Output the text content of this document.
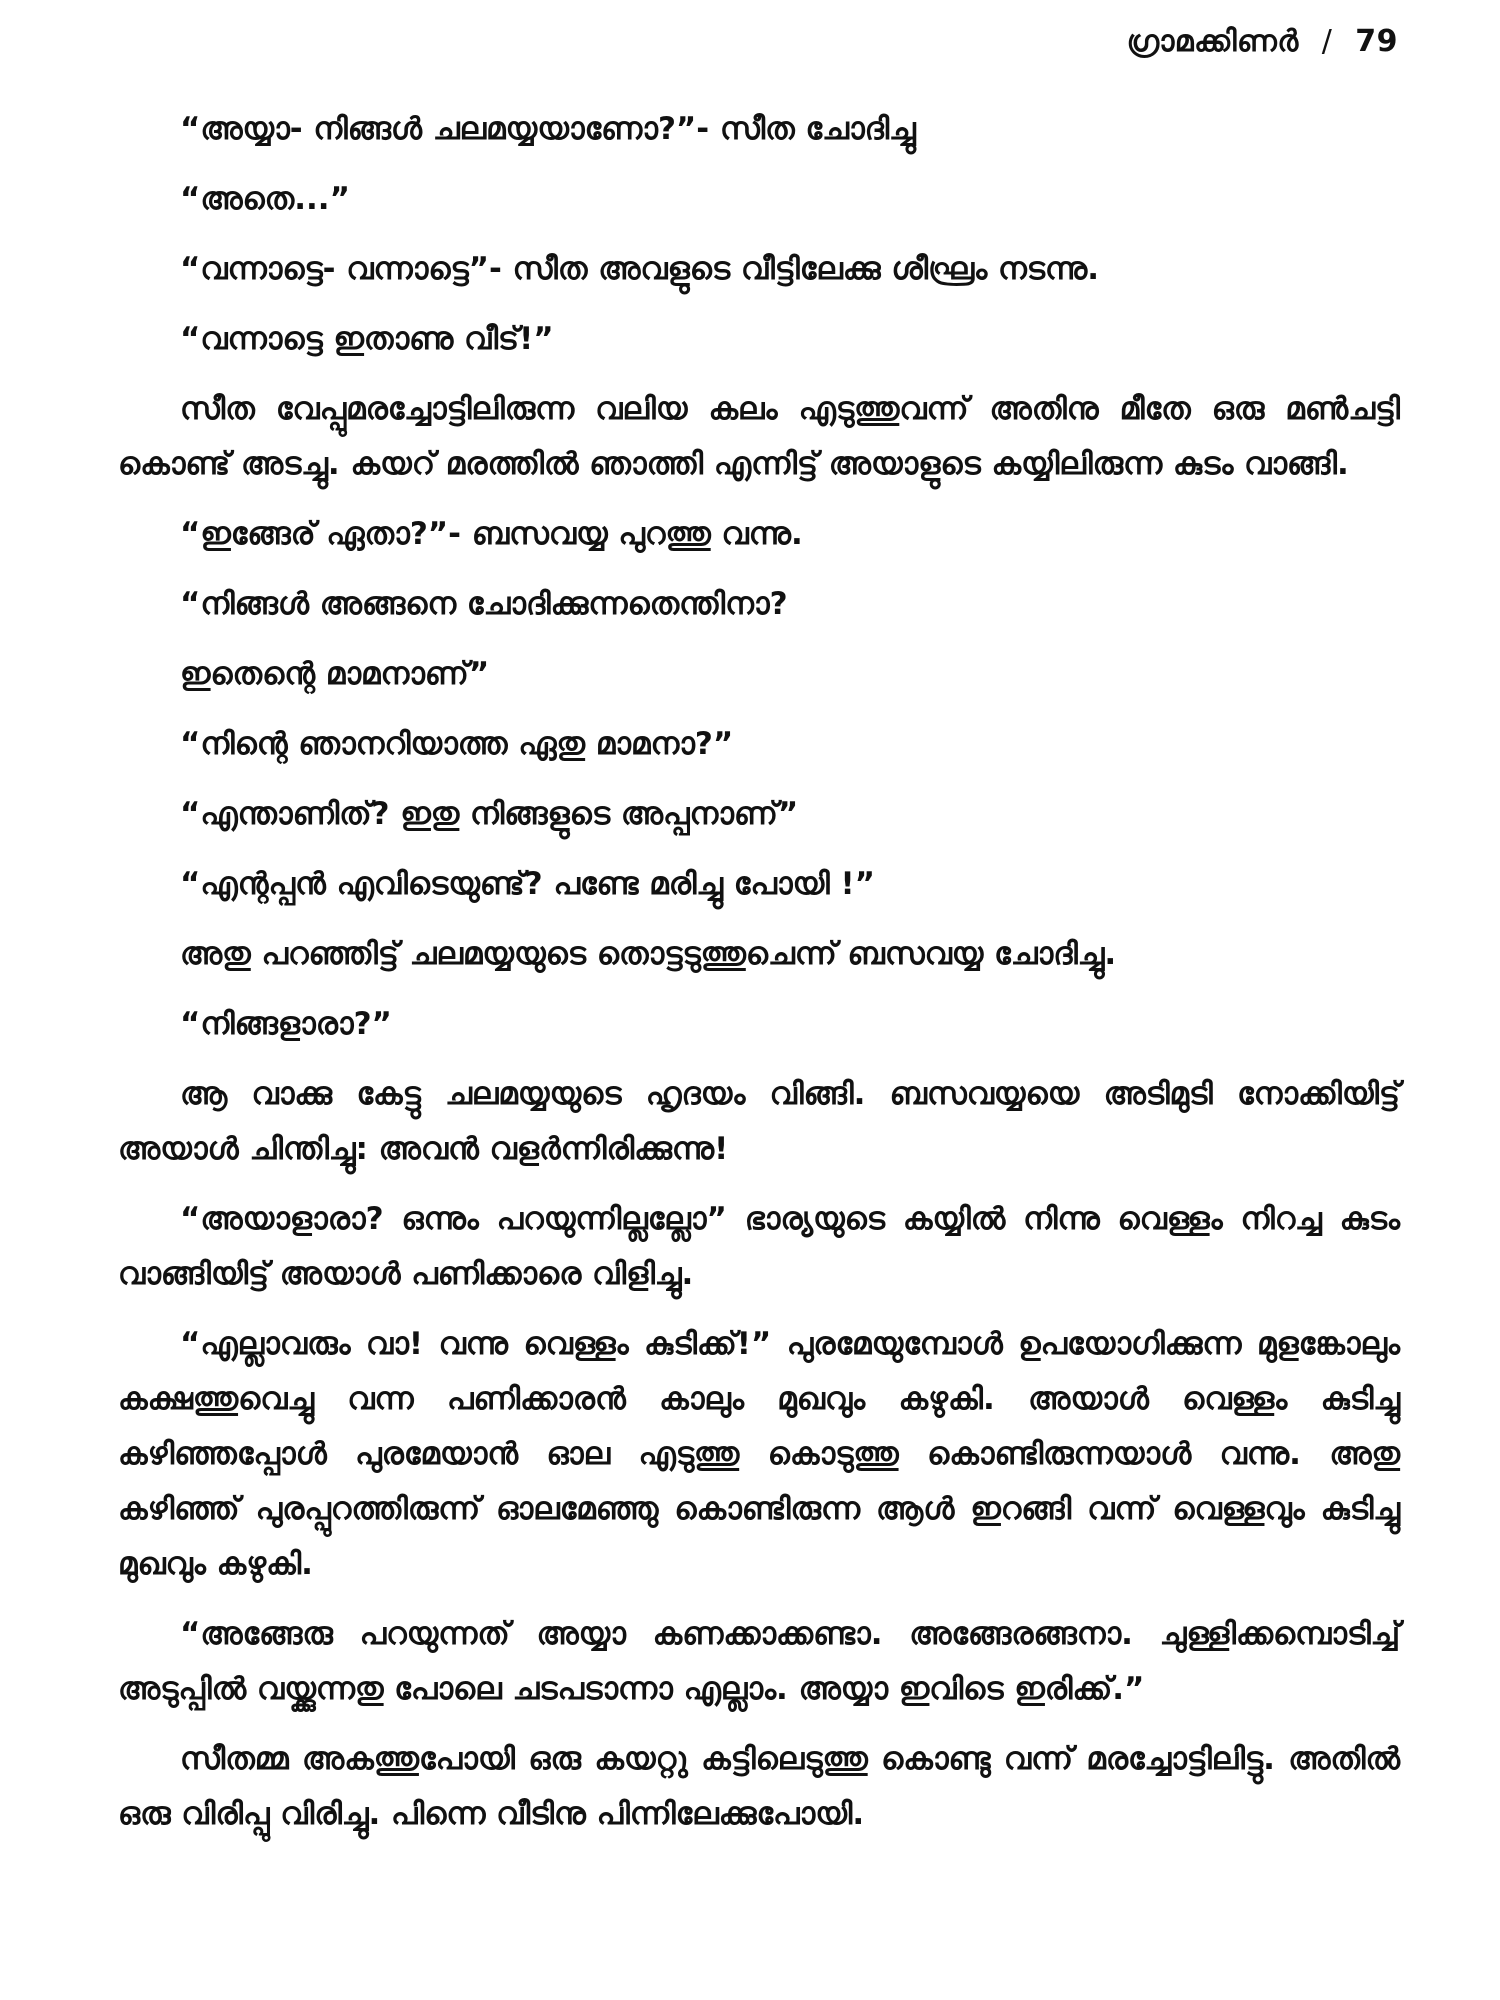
ഗ്രാമക്കിണർ / 79

“അയ്യാ- നിങ്ങൾ ചലമയ്യയാണോ?”- സീത ചോദിച്ചു

“അതെ...”

“വന്നാട്ടെ- വന്നാട്ടെ”- സീത അവളുടെ വീട്ടിലേക്കു ശീഘ്രം നടന്നു.

“വന്നാട്ടെ ഇതാണു വീട്!”

സീത വേപ്പുമരച്ചോട്ടിലിരുന്ന വലിയ കലം എടുത്തുവന്ന് അതിനു മീതേ ഒരു മൺചട്ടി കൊണ്ട് അടച്ചു. കയറ് മരത്തിൽ ഞാത്തി എന്നിട്ട് അയാളുടെ കയ്യിലിരുന്ന കുടം വാങ്ങി.

“ഇങ്ങേര് ഏതാ?”- ബസവയ്യ പുറത്തു വന്നു.

“നിങ്ങൾ അങ്ങനെ ചോദിക്കുന്നതെന്തിനാ?

ഇതെന്റെ മാമനാണ്”

“നിന്റെ ഞാനറിയാത്ത ഏതു മാമനാ?”

“എന്താണിത്? ഇതു നിങ്ങളുടെ അപ്പനാണ്”

“എന്റപ്പൻ എവിടെയുണ്ട്? പണ്ടേ മരിച്ചു പോയി !”

അതു പറഞ്ഞിട്ട് ചലമയ്യയുടെ തൊട്ടടുത്തുചെന്ന് ബസവയ്യ ചോദിച്ചു.

“നിങ്ങളാരാ?”

ആ വാക്കു കേട്ടു ചലമയ്യയുടെ ഹൃദയം വിങ്ങി. ബസവയ്യയെ അടിമുടി നോക്കിയിട്ട് അയാൾ ചിന്തിച്ചു: അവൻ വളർന്നിരിക്കുന്നു!

“അയാളാരാ? ഒന്നും പറയുന്നില്ലല്ലോ” ഭാര്യയുടെ കയ്യിൽ നിന്നു വെള്ളം നിറച്ച കുടം വാങ്ങിയിട്ട് അയാൾ പണിക്കാരെ വിളിച്ചു.

“എല്ലാവരും വാ! വന്നു വെള്ളം കുടിക്ക്!” പുരമേയുമ്പോൾ ഉപയോഗിക്കുന്ന മുളങ്കോലും കക്ഷത്തുവെച്ചു വന്ന പണിക്കാരൻ കാലും മുഖവും കഴുകി. അയാൾ വെള്ളം കുടിച്ചു കഴിഞ്ഞപ്പോൾ പുരമേയാൻ ഓല എടുത്തു കൊടുത്തു കൊണ്ടിരുന്നയാൾ വന്നു. അതു കഴിഞ്ഞ് പുരപ്പുറത്തിരുന്ന് ഓലമേഞ്ഞു കൊണ്ടിരുന്ന ആൾ ഇറങ്ങി വന്ന് വെള്ളവും കുടിച്ചു മുഖവും കഴുകി.

“അങ്ങേരു പറയുന്നത് അയ്യാ കണക്കാക്കണ്ടാ. അങ്ങേരങ്ങനാ. ചുള്ളിക്കമ്പൊടിച്ച് അടുപ്പിൽ വയ്ക്കുന്നതു പോലെ ചടപടാന്നാ എല്ലാം. അയ്യാ ഇവിടെ ഇരിക്ക്.”

സീതമ്മ അകത്തുപോയി ഒരു കയറ്റു കട്ടിലെടുത്തു കൊണ്ടു വന്ന് മരച്ചോട്ടിലിട്ടു. അതിൽ ഒരു വിരിപ്പു വിരിച്ചു. പിന്നെ വീടിനു പിന്നിലേക്കുപോയി.
